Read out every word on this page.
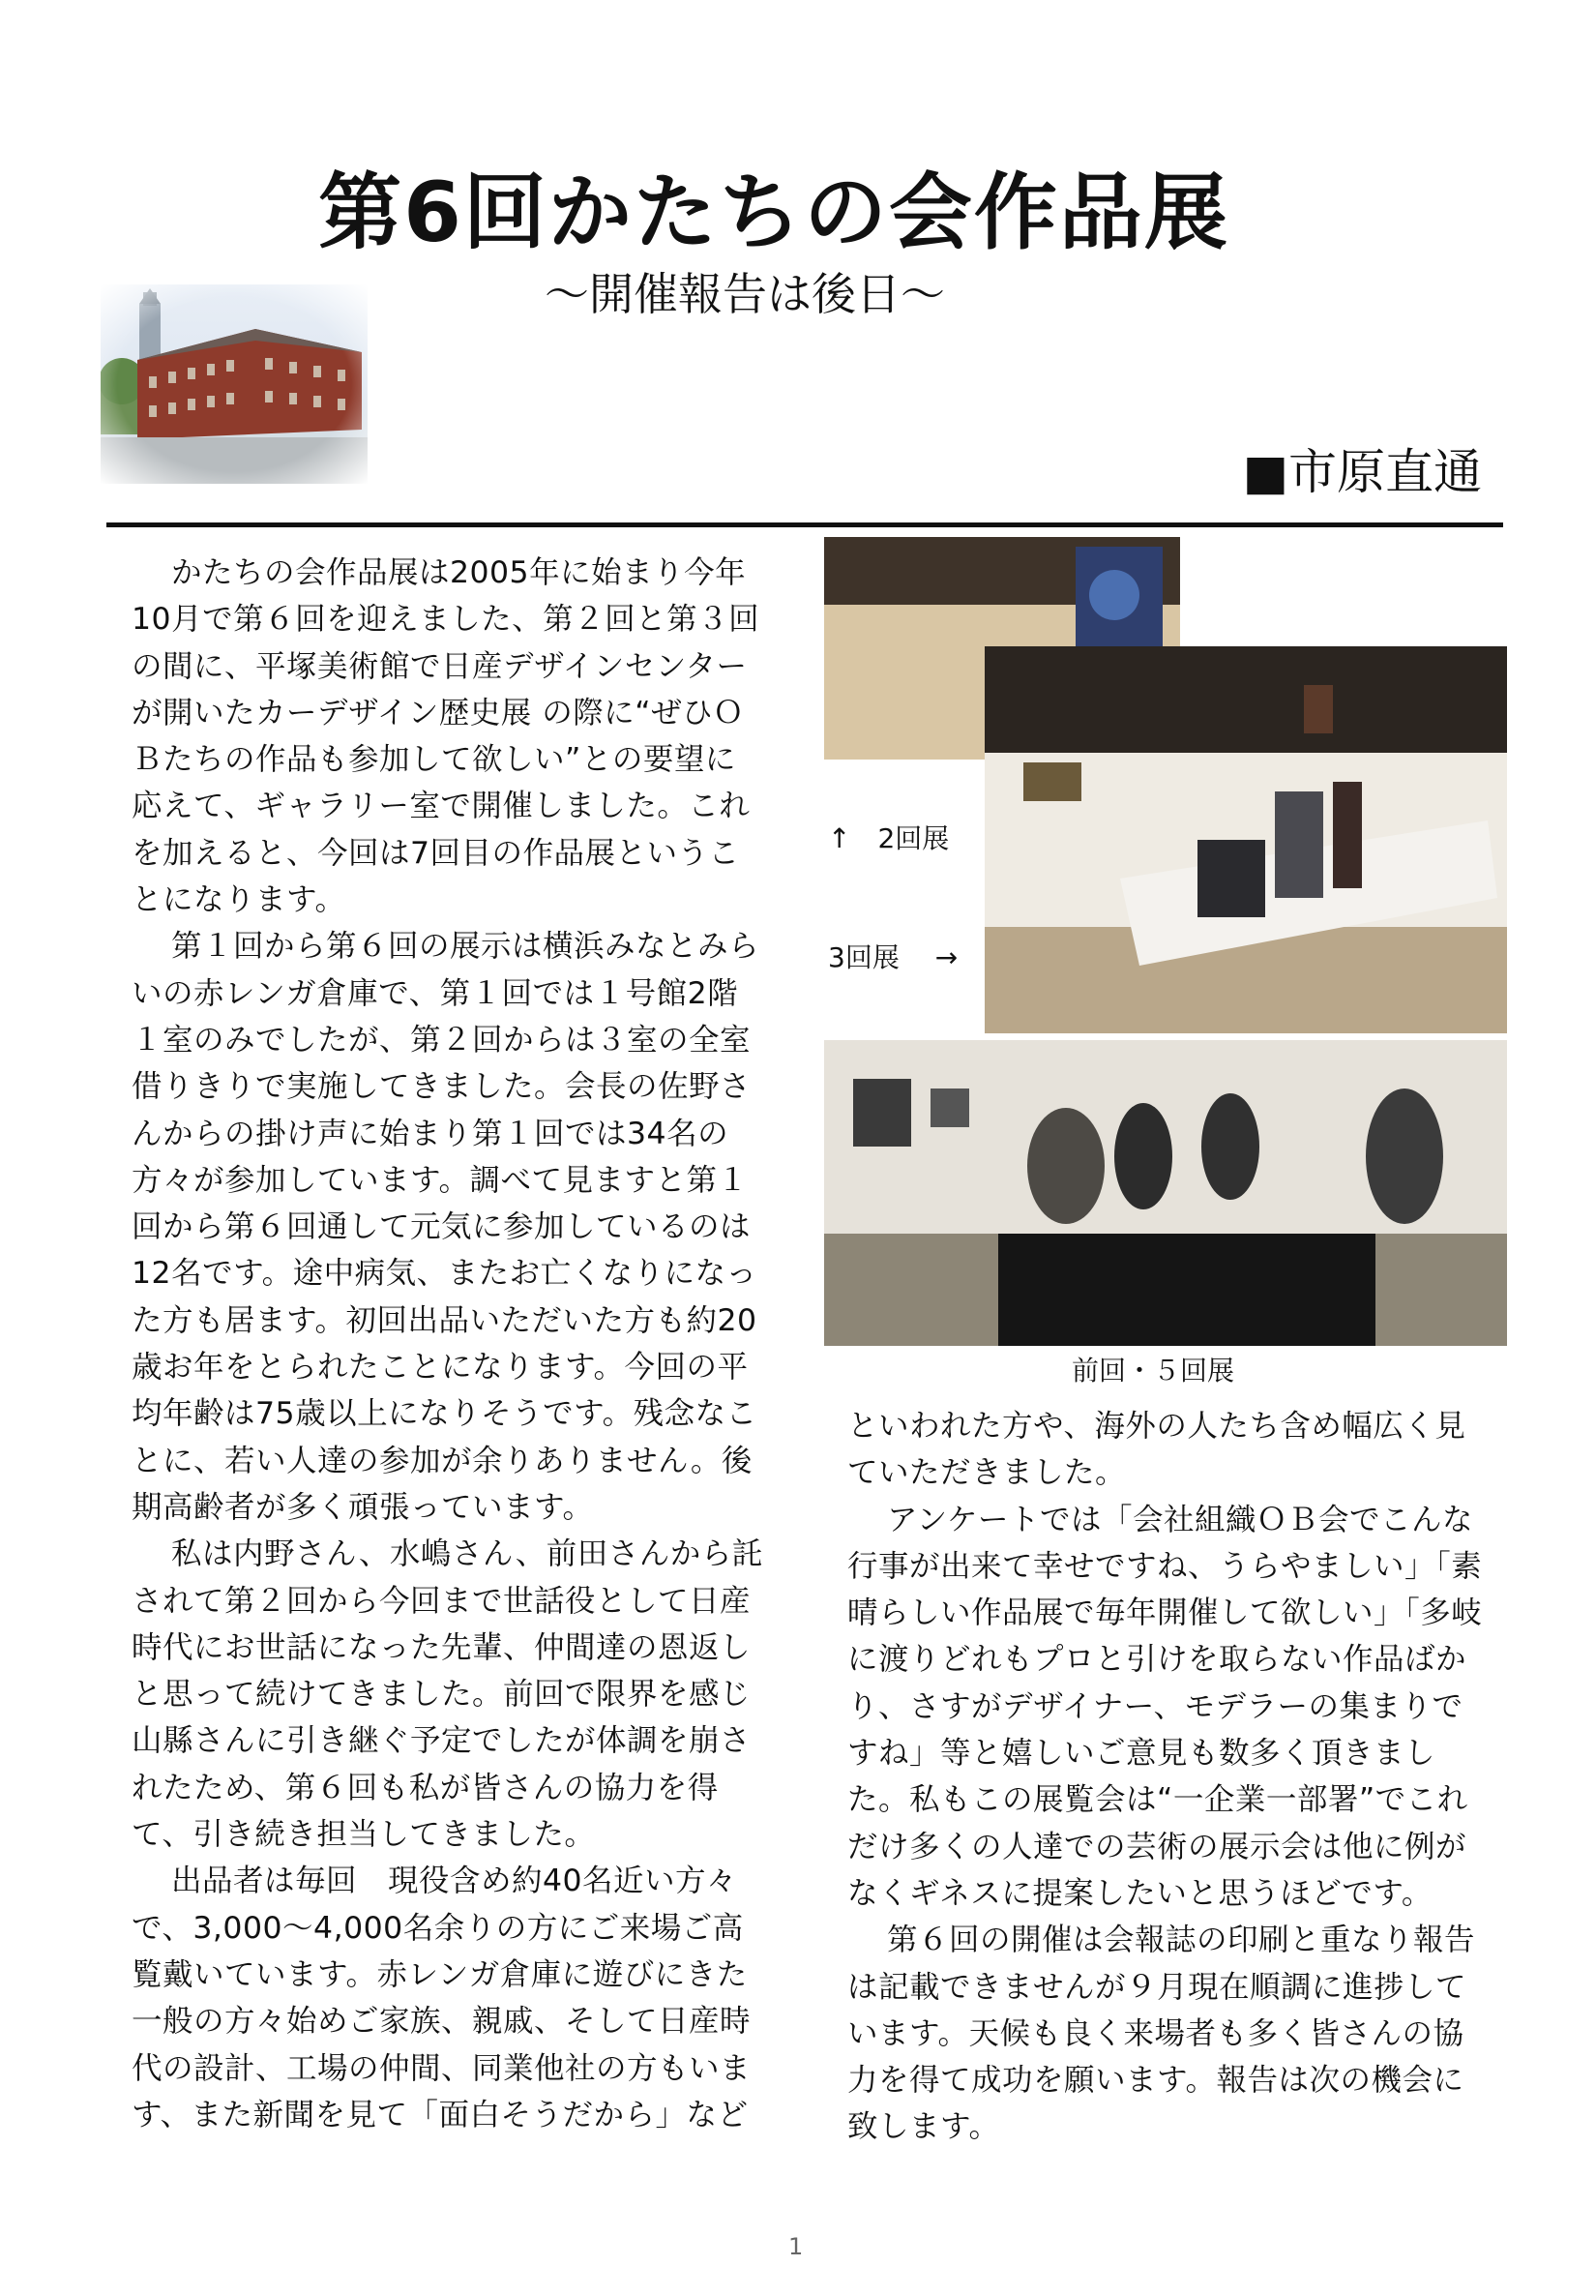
第6回かたちの会作品展

～開催報告は後日～

■市原直通

かたちの会作品展は2005年に始まり今年10月で第６回を迎えました、第２回と第３回の間に、平塚美術館で日産デザインセンターが開いたカーデザイン歴史展 の際に“ぜひＯＢたちの作品も参加して欲しい”との要望に応えて、ギャラリー室で開催しました。これを加えると、今回は7回目の作品展ということになります。

第１回から第６回の展示は横浜みなとみらいの赤レンガ倉庫で、第１回では１号館2階１室のみでしたが、第２回からは３室の全室借りきりで実施してきました。会長の佐野さんからの掛け声に始まり第１回では34名の方々が参加しています。調べて見ますと第１回から第６回通して元気に参加しているのは12名です。途中病気、またお亡くなりになった方も居ます。初回出品いただいた方も約20歳お年をとられたことになります。今回の平均年齢は75歳以上になりそうです。残念なことに、若い人達の参加が余りありません。後期高齢者が多く頑張っています。

私は内野さん、水嶋さん、前田さんから託されて第２回から今回まで世話役として日産時代にお世話になった先輩、仲間達の恩返しと思って続けてきました。前回で限界を感じ山縣さんに引き継ぐ予定でしたが体調を崩されたため、第６回も私が皆さんの協力を得て、引き続き担当してきました。

出品者は毎回　現役含め約40名近い方々で、3,000～4,000名余りの方にご来場ご高覧戴いています。赤レンガ倉庫に遊びにきた一般の方々始めご家族、親戚、そして日産時代の設計、工場の仲間、同業他社の方もいます、また新聞を見て「面白そうだから」など

↑　2回展

3回展　 →

前回・５回展

といわれた方や、海外の人たち含め幅広く見ていただきました。

アンケートでは「会社組織ＯＢ会でこんな行事が出来て幸せですね、うらやましい」「素晴らしい作品展で毎年開催して欲しい」「多岐に渡りどれもプロと引けを取らない作品ばかり、さすがデザイナー、モデラーの集まりですね」等と嬉しいご意見も数多く頂きました。私もこの展覧会は“一企業一部署”でこれだけ多くの人達での芸術の展示会は他に例がなくギネスに提案したいと思うほどです。

第６回の開催は会報誌の印刷と重なり報告は記載できませんが９月現在順調に進捗しています。天候も良く来場者も多く皆さんの協力を得て成功を願います。報告は次の機会に致します。

1
